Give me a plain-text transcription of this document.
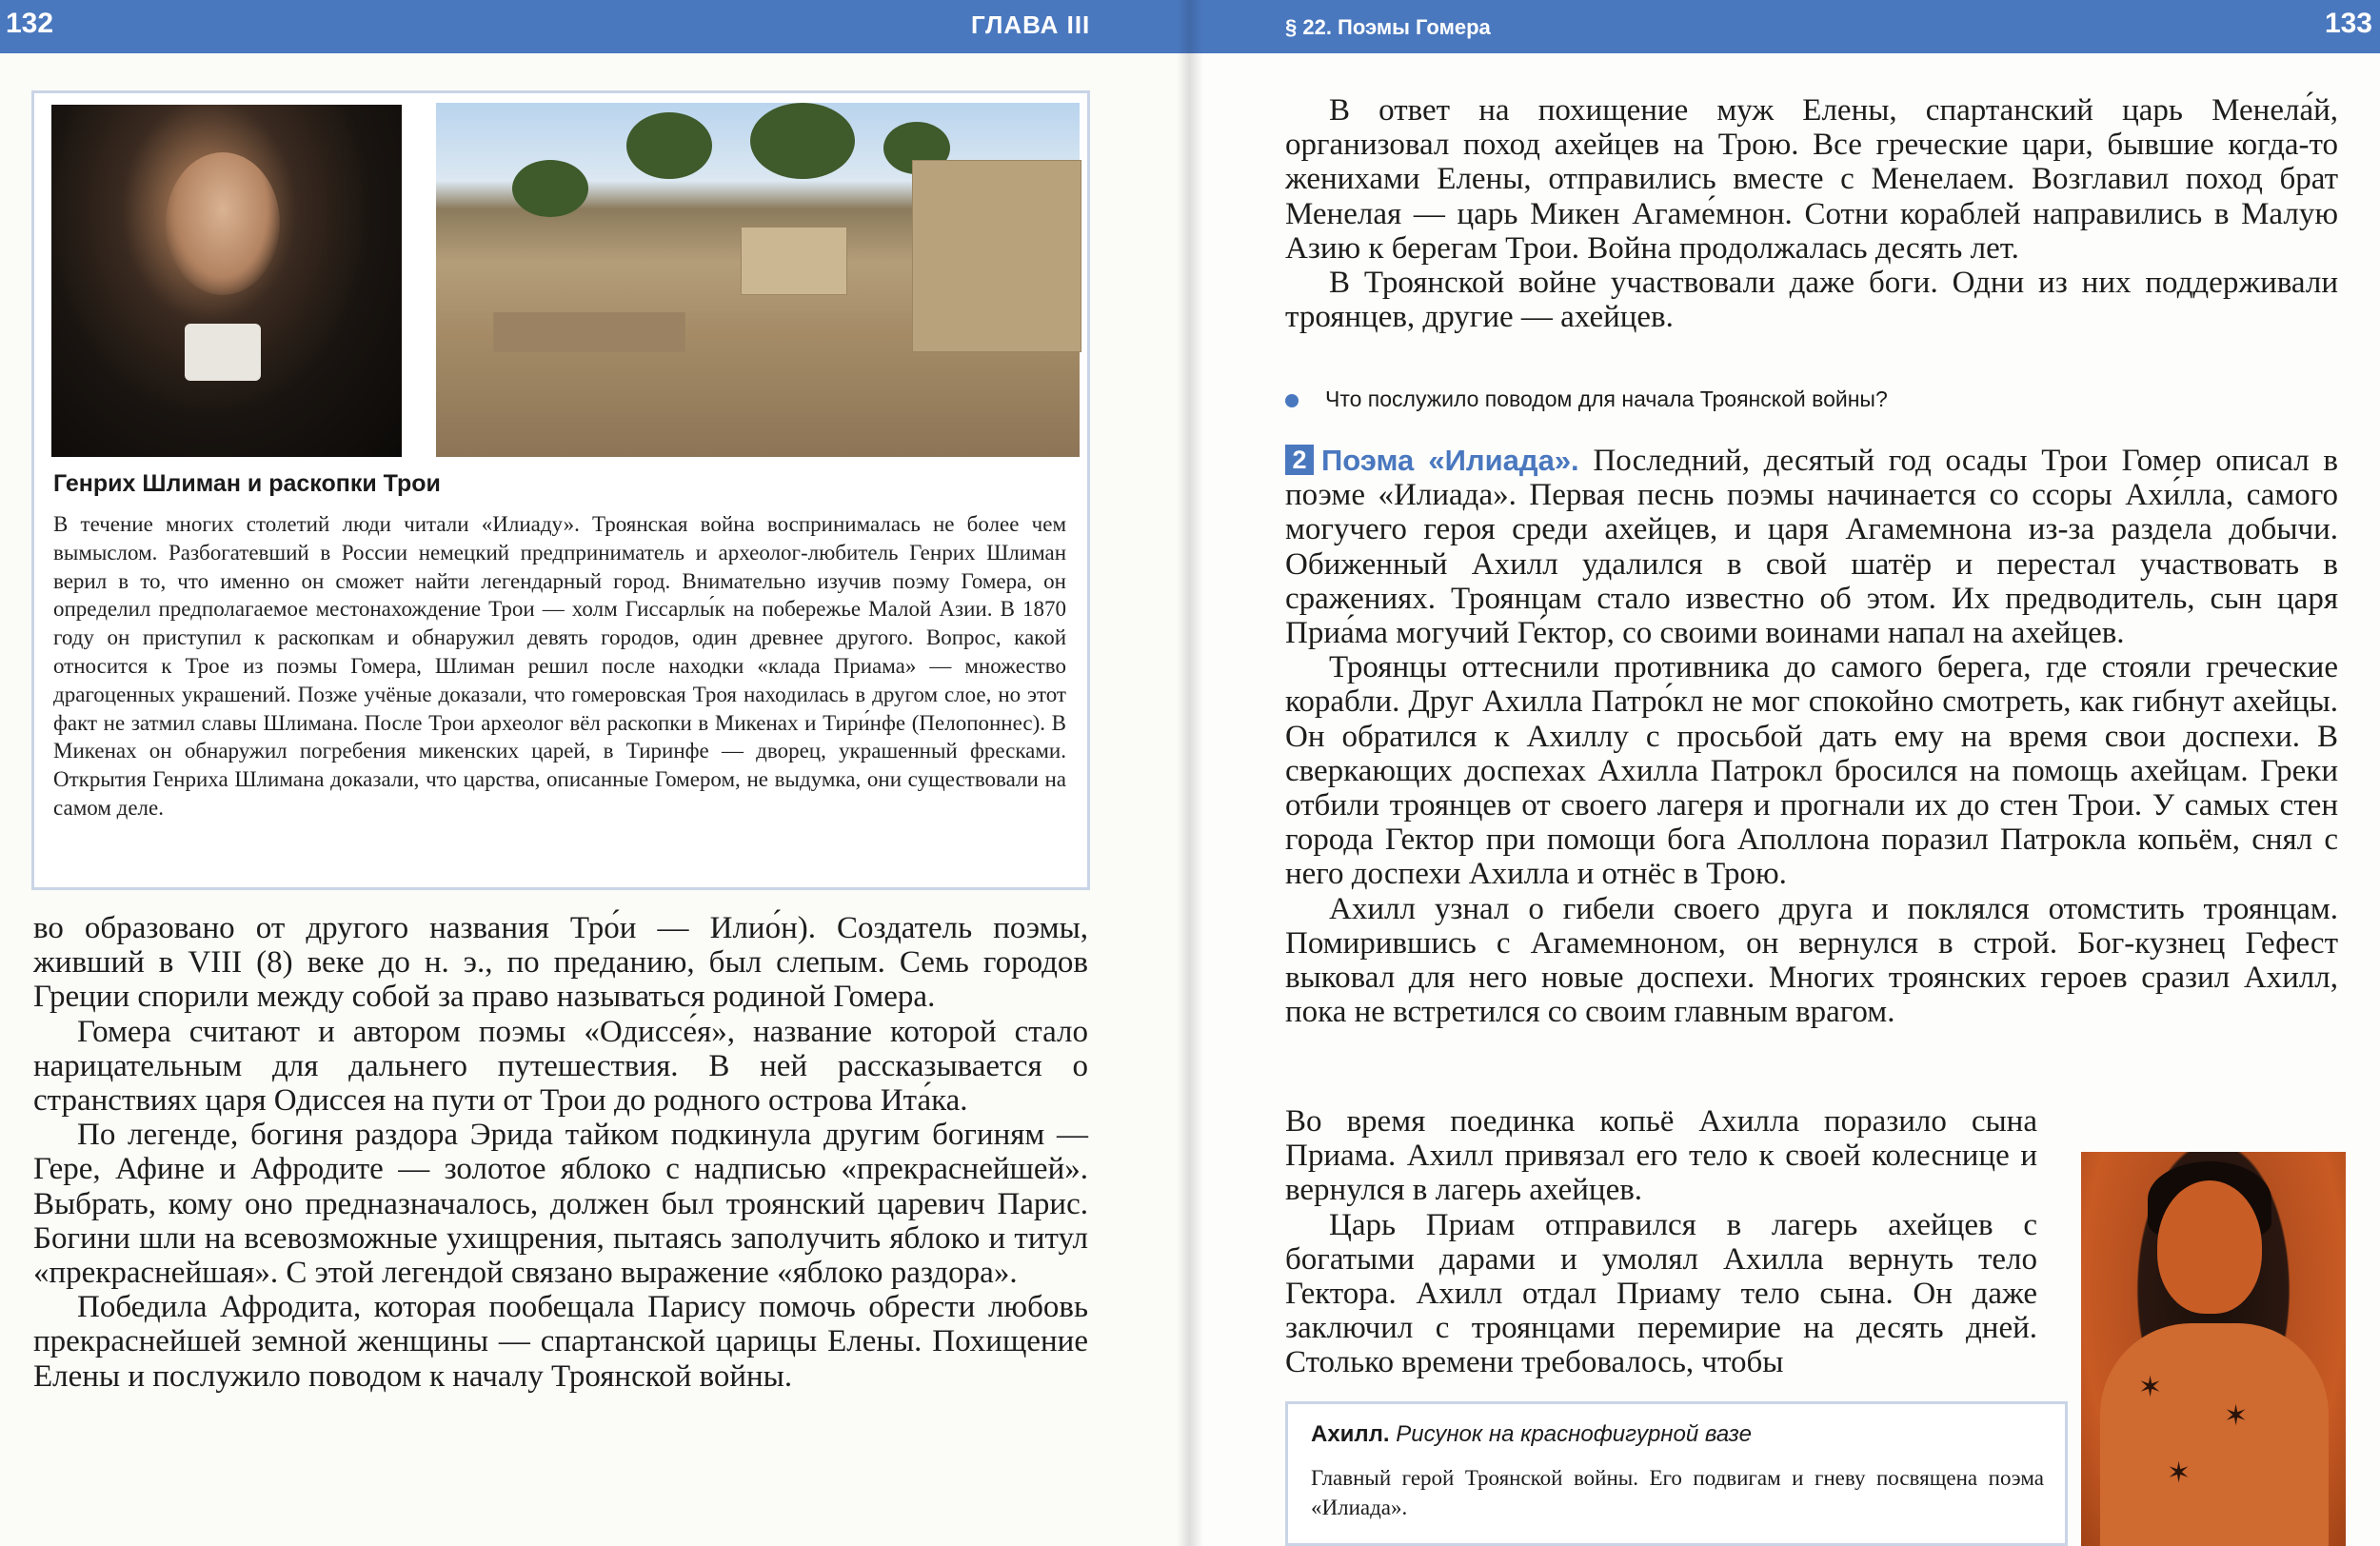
132	ГЛАВА III
Генрих Шлиман и раскопки Трои
В течение многих столетий люди читали «Илиаду». Троянская война воспринималась не более чем вымыслом. Разбогатевший в России немецкий предприниматель и археолог-любитель Генрих Шлиман верил в то, что именно он сможет найти легендарный город. Внимательно изучив поэму Гомера, он определил предполагаемое местонахождение Трои — холм Гиссарлы́к на побережье Малой Азии. В 1870 году он приступил к раскопкам и обнаружил девять городов, один древнее другого. Вопрос, какой относится к Трое из поэмы Гомера, Шлиман решил после находки «клада Приама» — множество драгоценных украшений. Позже учёные доказали, что гомеровская Троя находилась в другом слое, но этот факт не затмил славы Шлимана. После Трои археолог вёл раскопки в Микенах и Тири́нфе (Пелопоннес). В Микенах он обнаружил погребения микенских царей, в Тиринфе — дворец, украшенный фресками. Открытия Генриха Шлимана доказали, что царства, описанные Гомером, не выдумка, они существовали на самом деле.

во образовано от другого названия Тро́и — Илио́н). Создатель поэмы, живший в VIII (8) веке до н. э., по преданию, был слепым. Семь городов Греции спорили между собой за право называться родиной Гомера.

Гомера считают и автором поэмы «Одиссе́я», название которой стало нарицательным для дальнего путешествия. В ней рассказывается о странствиях царя Одиссея на пути от Трои до родного острова Ита́ка.

По легенде, богиня раздора Эрида тайком подкинула другим богиням — Гере, Афине и Афродите — золотое яблоко с надписью «прекраснейшей». Выбрать, кому оно предназначалось, должен был троянский царевич Парис. Богини шли на всевозможные ухищрения, пытаясь заполучить яблоко и титул «прекраснейшая». С этой легендой связано выражение «яблоко раздора».

Победила Афродита, которая пообещала Парису помочь обрести любовь прекраснейшей земной женщины — спартанской царицы Елены. Похищение Елены и послужило поводом к началу Троянской войны.

§ 22. Поэмы Гомера	133

В ответ на похищение муж Елены, спартанский царь Менела́й, организовал поход ахейцев на Трою. Все греческие цари, бывшие когда-то женихами Елены, отправились вместе с Менелаем. Возглавил поход брат Менелая — царь Микен Агаме́мнон. Сотни кораблей направились в Малую Азию к берегам Трои. Война продолжалась десять лет.

В Троянской войне участвовали даже боги. Одни из них поддерживали троянцев, другие — ахейцев.

Что послужило поводом для начала Троянской войны?

2 Поэма «Илиада». Последний, десятый год осады Трои Гомер описал в поэме «Илиада». Первая песнь поэмы начинается со ссоры Ахи́лла, самого могучего героя среди ахейцев, и царя Агамемнона из-за раздела добычи. Обиженный Ахилл удалился в свой шатёр и перестал участвовать в сражениях. Троянцам стало известно об этом. Их предводитель, сын царя Приа́ма могучий Ге́ктор, со своими воинами напал на ахейцев.

Троянцы оттеснили противника до самого берега, где стояли греческие корабли. Друг Ахилла Патро́кл не мог спокойно смотреть, как гибнут ахейцы. Он обратился к Ахиллу с просьбой дать ему на время свои доспехи. В сверкающих доспехах Ахилла Патрокл бросился на помощь ахейцам. Греки отбили троянцев от своего лагеря и прогнали их до стен Трои. У самых стен города Гектор при помощи бога Аполлона поразил Патрокла копьём, снял с него доспехи Ахилла и отнёс в Трою.

Ахилл узнал о гибели своего друга и поклялся отомстить троянцам. Помирившись с Агамемноном, он вернулся в строй. Бог-кузнец Гефест выковал для него новые доспехи. Многих троянских героев сразил Ахилл, пока не встретился со своим главным врагом.

Во время поединка копьё Ахилла поразило сына Приама. Ахилл привязал его тело к своей колеснице и вернулся в лагерь ахейцев.

Царь Приам отправился в лагерь ахейцев с богатыми дарами и умолял Ахилла вернуть тело Гектора. Ахилл отдал Приаму тело сына. Он даже заключил с троянцами перемирие на десять дней. Столько времени требовалось, чтобы

✶
✶
✶
Ахилл. Рисунок на краснофигурной вазе
Главный герой Троянской войны. Его подвигам и гневу посвящена поэма «Илиада».
